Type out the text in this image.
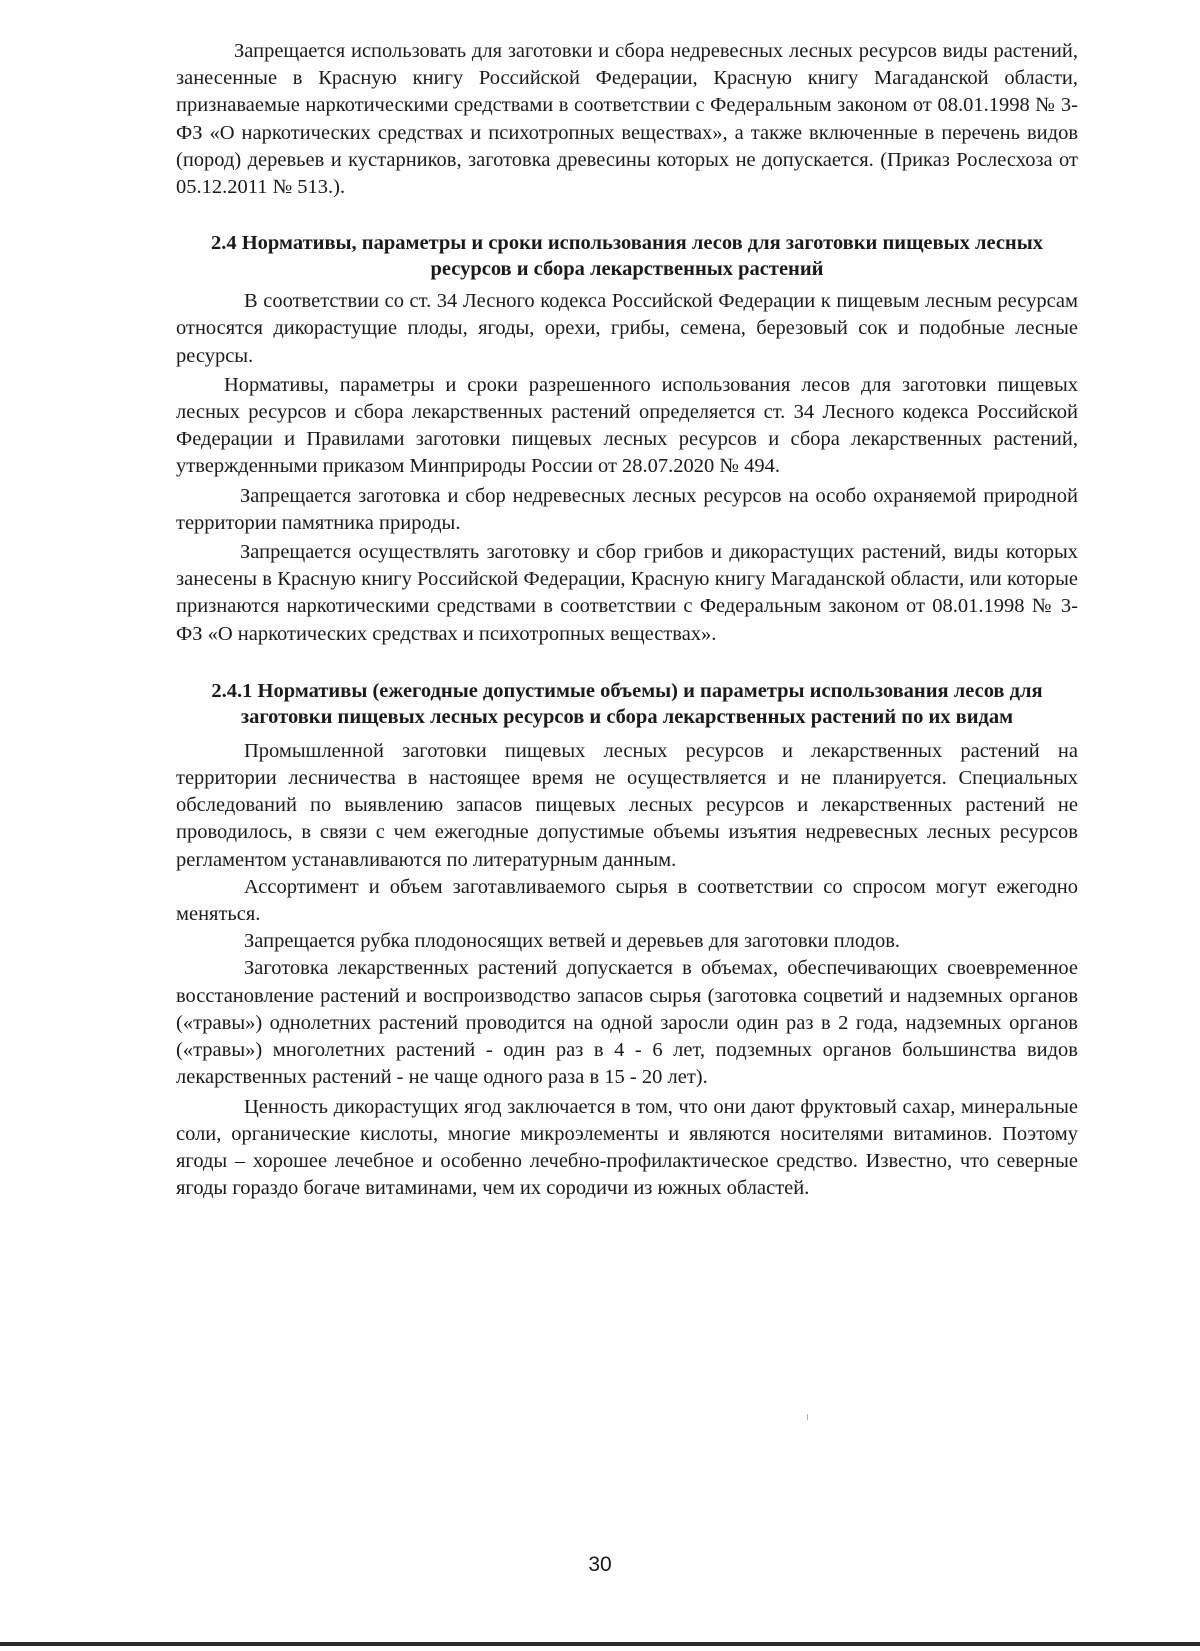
Запрещается использовать для заготовки и сбора недревесных лесных ресурсов виды растений, занесенные в Красную книгу Российской Федерации, Красную книгу Магаданской области, признаваемые наркотическими средствами в соответствии с Федеральным законом от 08.01.1998 № 3-ФЗ «О наркотических средствах и психотропных веществах», а также включенные в перечень видов (пород) деревьев и кустарников, заготовка древесины которых не допускается. (Приказ Рослесхоза от 05.12.2011 № 513.).

2.4 Нормативы, параметры и сроки использования лесов для заготовки пищевых лесных ресурсов и сбора лекарственных растений

В соответствии со ст. 34 Лесного кодекса Российской Федерации к пищевым лесным ресурсам относятся дикорастущие плоды, ягоды, орехи, грибы, семена, березовый сок и подобные лесные ресурсы.

Нормативы, параметры и сроки разрешенного использования лесов для заготовки пищевых лесных ресурсов и сбора лекарственных растений определяется ст. 34 Лесного кодекса Российской Федерации и Правилами заготовки пищевых лесных ресурсов и сбора лекарственных растений, утвержденными приказом Минприроды России от 28.07.2020 № 494.

Запрещается заготовка и сбор недревесных лесных ресурсов на особо охраняемой природной территории памятника природы.

Запрещается осуществлять заготовку и сбор грибов и дикорастущих растений, виды которых занесены в Красную книгу Российской Федерации, Красную книгу Магаданской области, или которые признаются наркотическими средствами в соответствии с Федеральным законом от 08.01.1998 № 3-ФЗ «О наркотических средствах и психотропных веществах».

2.4.1 Нормативы (ежегодные допустимые объемы) и параметры использования лесов для заготовки пищевых лесных ресурсов и сбора лекарственных растений по их видам

Промышленной заготовки пищевых лесных ресурсов и лекарственных растений на территории лесничества в настоящее время не осуществляется и не планируется. Специальных обследований по выявлению запасов пищевых лесных ресурсов и лекарственных растений не проводилось, в связи с чем ежегодные допустимые объемы изъятия недревесных лесных ресурсов регламентом устанавливаются по литературным данным.

Ассортимент и объем заготавливаемого сырья в соответствии со спросом могут ежегодно меняться.

Запрещается рубка плодоносящих ветвей и деревьев для заготовки плодов.

Заготовка лекарственных растений допускается в объемах, обеспечивающих своевременное восстановление растений и воспроизводство запасов сырья (заготовка соцветий и надземных органов («травы») однолетних растений проводится на одной заросли один раз в 2 года, надземных органов («травы») многолетних растений - один раз в 4 - 6 лет, подземных органов большинства видов лекарственных растений - не чаще одного раза в 15 - 20 лет).

Ценность дикорастущих ягод заключается в том, что они дают фруктовый сахар, минеральные соли, органические кислоты, многие микроэлементы и являются носителями витаминов. Поэтому ягоды – хорошее лечебное и особенно лечебно-профилактическое средство. Известно, что северные ягоды гораздо богаче витаминами, чем их сородичи из южных областей.

30
